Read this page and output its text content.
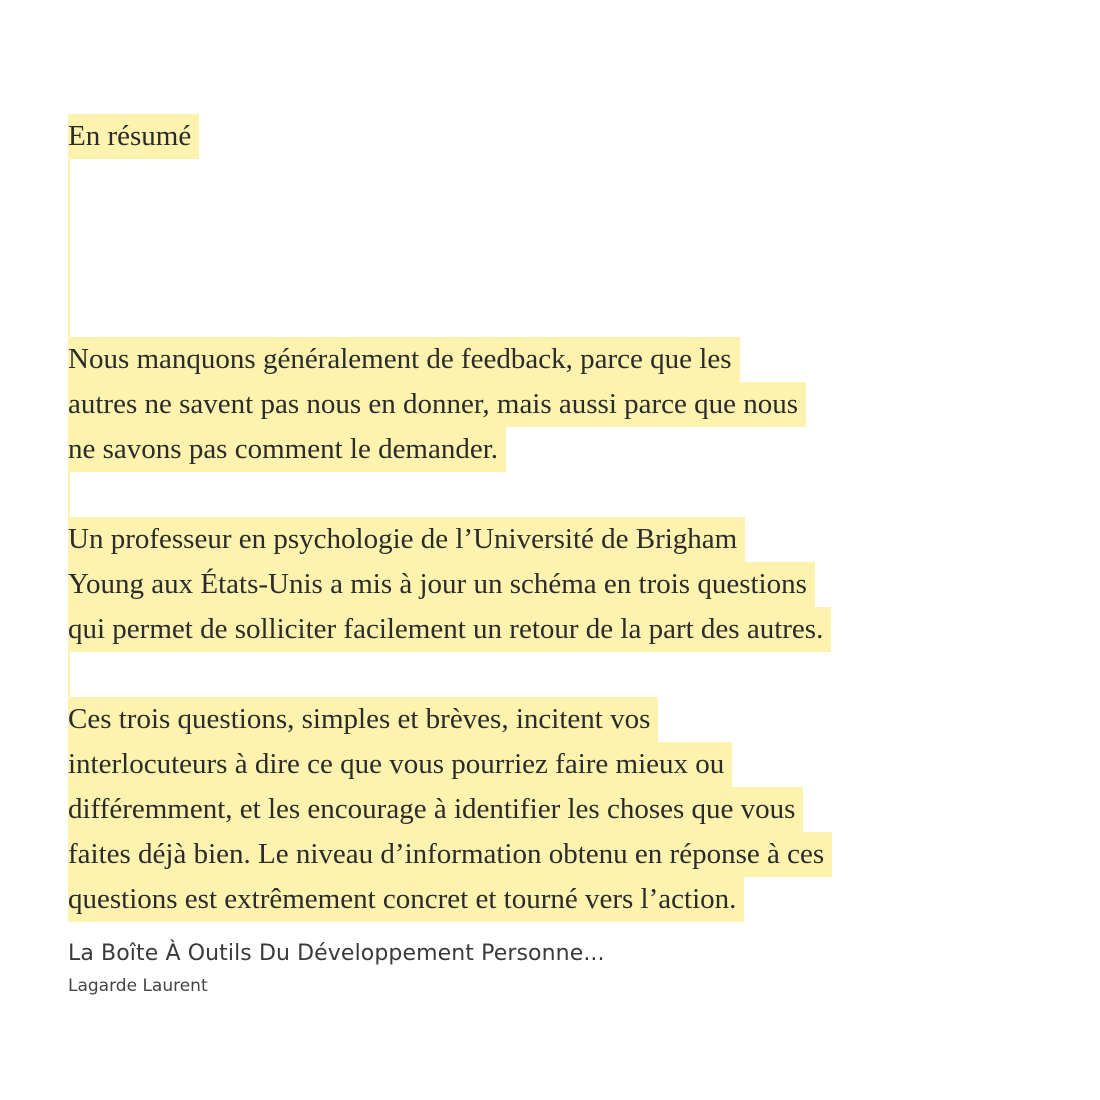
En résumé
Nous manquons généralement de feedback, parce que les
autres ne savent pas nous en donner, mais aussi parce que nous
ne savons pas comment le demander.
Un professeur en psychologie de l’Université de Brigham
Young aux États-Unis a mis à jour un schéma en trois questions
qui permet de solliciter facilement un retour de la part des autres.
Ces trois questions, simples et brèves, incitent vos
interlocuteurs à dire ce que vous pourriez faire mieux ou
différemment, et les encourage à identifier les choses que vous
faites déjà bien. Le niveau d’information obtenu en réponse à ces
questions est extrêmement concret et tourné vers l’action.
La Boîte À Outils Du Développement Personne...
Lagarde Laurent
